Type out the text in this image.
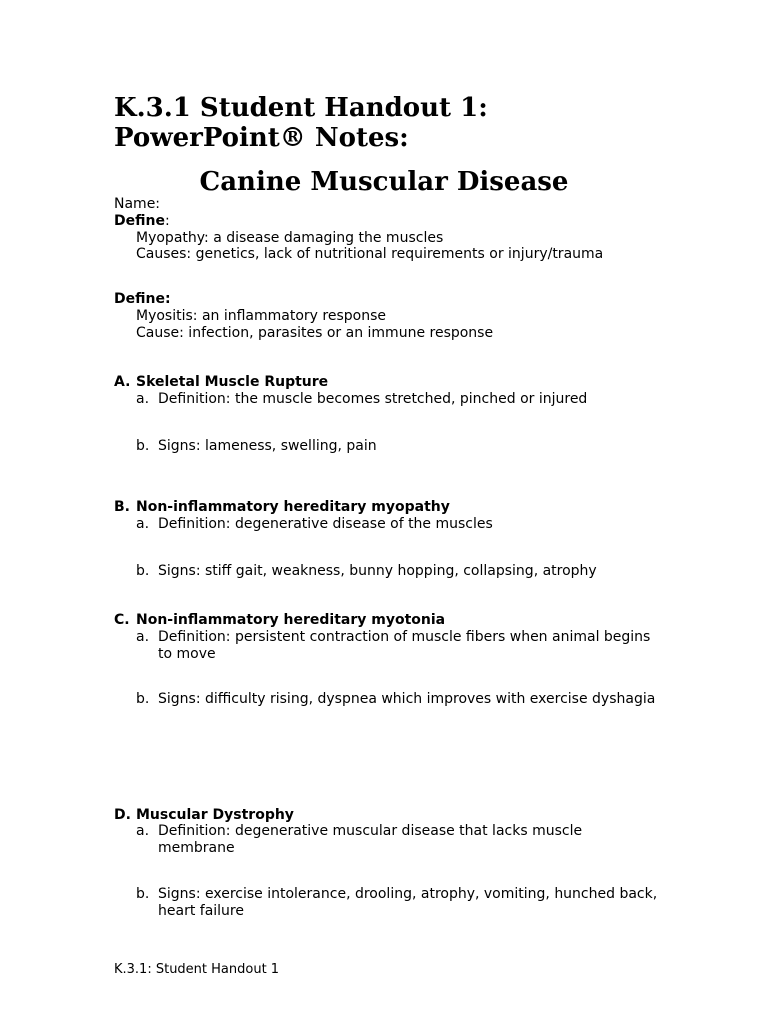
K.3.1 Student Handout 1:
PowerPoint® Notes:
Canine Muscular Disease
Name:
Define:
Myopathy: a disease damaging the muscles
Causes: genetics, lack of nutritional requirements or injury/trauma
Define:
Myositis: an inflammatory response
Cause: infection, parasites or an immune response
A. Skeletal Muscle Rupture
a. Definition: the muscle becomes stretched, pinched or injured
b. Signs: lameness, swelling, pain
B. Non-inflammatory hereditary myopathy
a. Definition: degenerative disease of the muscles
b. Signs: stiff gait, weakness, bunny hopping, collapsing, atrophy
C. Non-inflammatory hereditary myotonia
a. Definition: persistent contraction of muscle fibers when animal begins
to move
b. Signs: difficulty rising, dyspnea which improves with exercise dyshagia
D. Muscular Dystrophy
a. Definition: degenerative muscular disease that lacks muscle
membrane
b. Signs: exercise intolerance, drooling, atrophy, vomiting, hunched back,
heart failure
K.3.1: Student Handout 1
